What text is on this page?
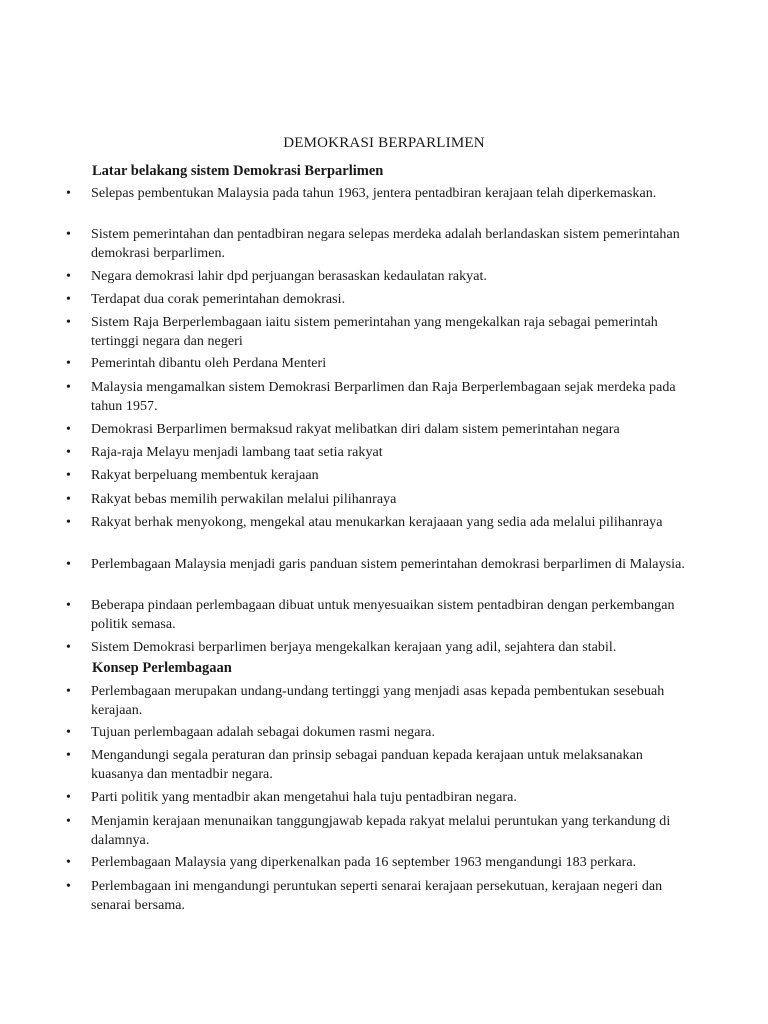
DEMOKRASI BERPARLIMEN
Latar belakang sistem Demokrasi Berparlimen
• Selepas pembentukan Malaysia pada tahun 1963, jentera pentadbiran kerajaan telah diperkemaskan.
• Sistem pemerintahan dan pentadbiran negara selepas merdeka adalah berlandaskan sistem pemerintahan demokrasi berparlimen.
• Negara demokrasi lahir dpd perjuangan berasaskan kedaulatan rakyat.
• Terdapat dua corak pemerintahan demokrasi.
• Sistem Raja Berperlembagaan iaitu sistem pemerintahan yang mengekalkan raja sebagai pemerintah tertinggi negara dan negeri
• Pemerintah dibantu oleh Perdana Menteri
• Malaysia mengamalkan sistem Demokrasi Berparlimen dan Raja Berperlembagaan sejak merdeka pada tahun 1957.
• Demokrasi Berparlimen bermaksud rakyat melibatkan diri dalam sistem pemerintahan negara
• Raja-raja Melayu menjadi lambang taat setia rakyat
• Rakyat berpeluang membentuk kerajaan
• Rakyat bebas memilih perwakilan melalui pilihanraya
• Rakyat berhak menyokong, mengekal atau menukarkan kerajaaan yang sedia ada melalui pilihanraya
• Perlembagaan Malaysia menjadi garis panduan sistem pemerintahan demokrasi berparlimen di Malaysia.
• Beberapa pindaan perlembagaan dibuat untuk menyesuaikan sistem pentadbiran dengan perkembangan politik semasa.
• Sistem Demokrasi berparlimen berjaya mengekalkan kerajaan yang adil, sejahtera dan stabil.
Konsep Perlembagaan
• Perlembagaan merupakan undang-undang tertinggi yang menjadi asas kepada pembentukan sesebuah kerajaan.
• Tujuan perlembagaan adalah sebagai dokumen rasmi negara.
• Mengandungi segala peraturan dan prinsip sebagai panduan kepada kerajaan untuk melaksanakan kuasanya dan mentadbir negara.
• Parti politik yang mentadbir akan mengetahui hala tuju pentadbiran negara.
• Menjamin kerajaan menunaikan tanggungjawab kepada rakyat melalui peruntukan yang terkandung di dalamnya.
• Perlembagaan Malaysia yang diperkenalkan pada 16 september 1963 mengandungi 183 perkara.
• Perlembagaan ini mengandungi peruntukan seperti senarai kerajaan persekutuan, kerajaan negeri dan senarai bersama.
